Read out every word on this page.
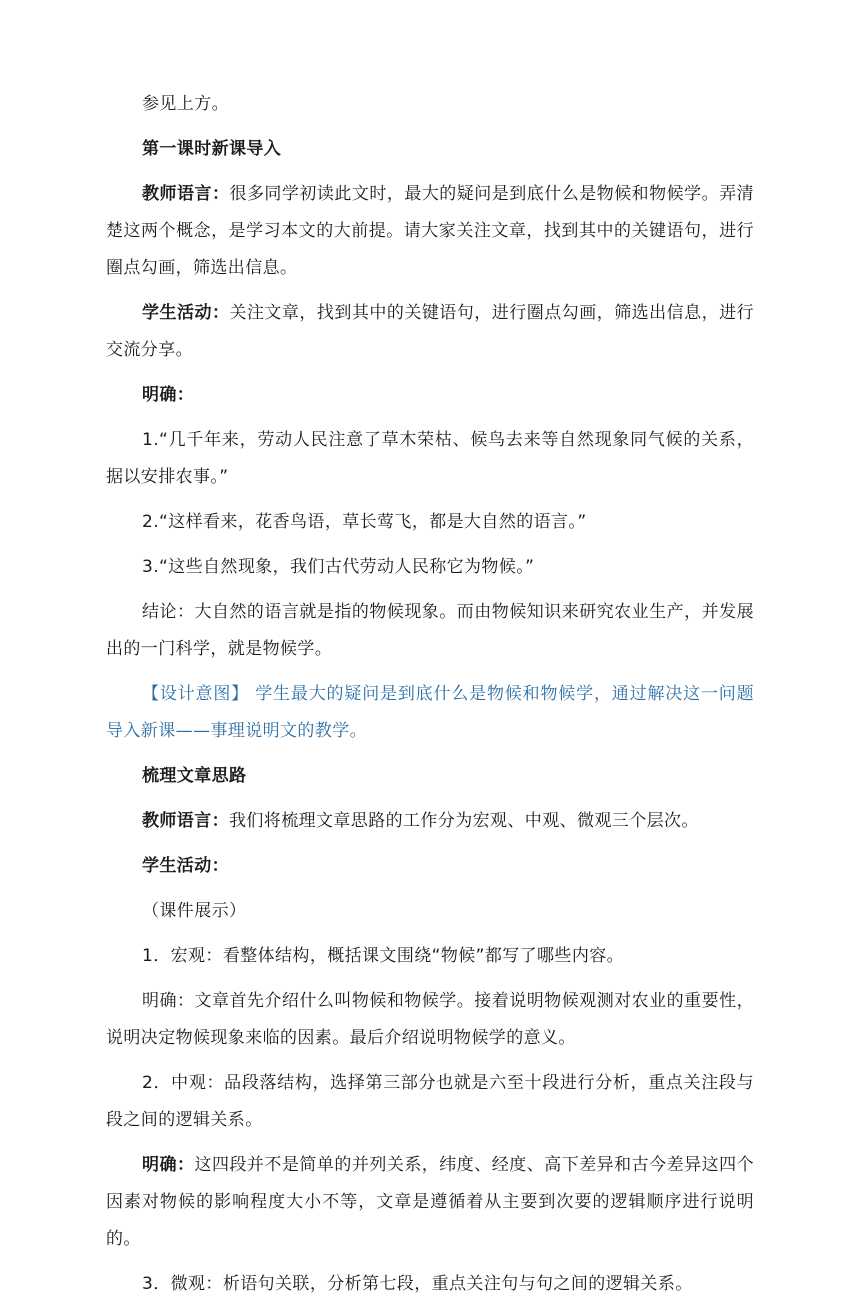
参见上方。

第一课时新课导入

教师语言：很多同学初读此文时，最大的疑问是到底什么是物候和物候学。弄清楚这两个概念，是学习本文的大前提。请大家关注文章，找到其中的关键语句，进行圈点勾画，筛选出信息。

学生活动：关注文章，找到其中的关键语句，进行圈点勾画，筛选出信息，进行交流分享。

明确：

1.“几千年来，劳动人民注意了草木荣枯、候鸟去来等自然现象同气候的关系，据以安排农事。”

2.“这样看来，花香鸟语，草长莺飞，都是大自然的语言。”

3.“这些自然现象，我们古代劳动人民称它为物候。”

结论：大自然的语言就是指的物候现象。而由物候知识来研究农业生产，并发展出的一门科学，就是物候学。

【设计意图】 学生最大的疑问是到底什么是物候和物候学，通过解决这一问题导入新课——事理说明文的教学。

梳理文章思路

教师语言：我们将梳理文章思路的工作分为宏观、中观、微观三个层次。

学生活动：

（课件展示）

1．宏观：看整体结构，概括课文围绕“物候”都写了哪些内容。

明确：文章首先介绍什么叫物候和物候学。接着说明物候观测对农业的重要性，说明决定物候现象来临的因素。最后介绍说明物候学的意义。

2．中观：品段落结构，选择第三部分也就是六至十段进行分析，重点关注段与段之间的逻辑关系。

明确：这四段并不是简单的并列关系，纬度、经度、高下差异和古今差异这四个因素对物候的影响程度大小不等，文章是遵循着从主要到次要的逻辑顺序进行说明的。

3．微观：析语句关联，分析第七段，重点关注句与句之间的逻辑关系。
